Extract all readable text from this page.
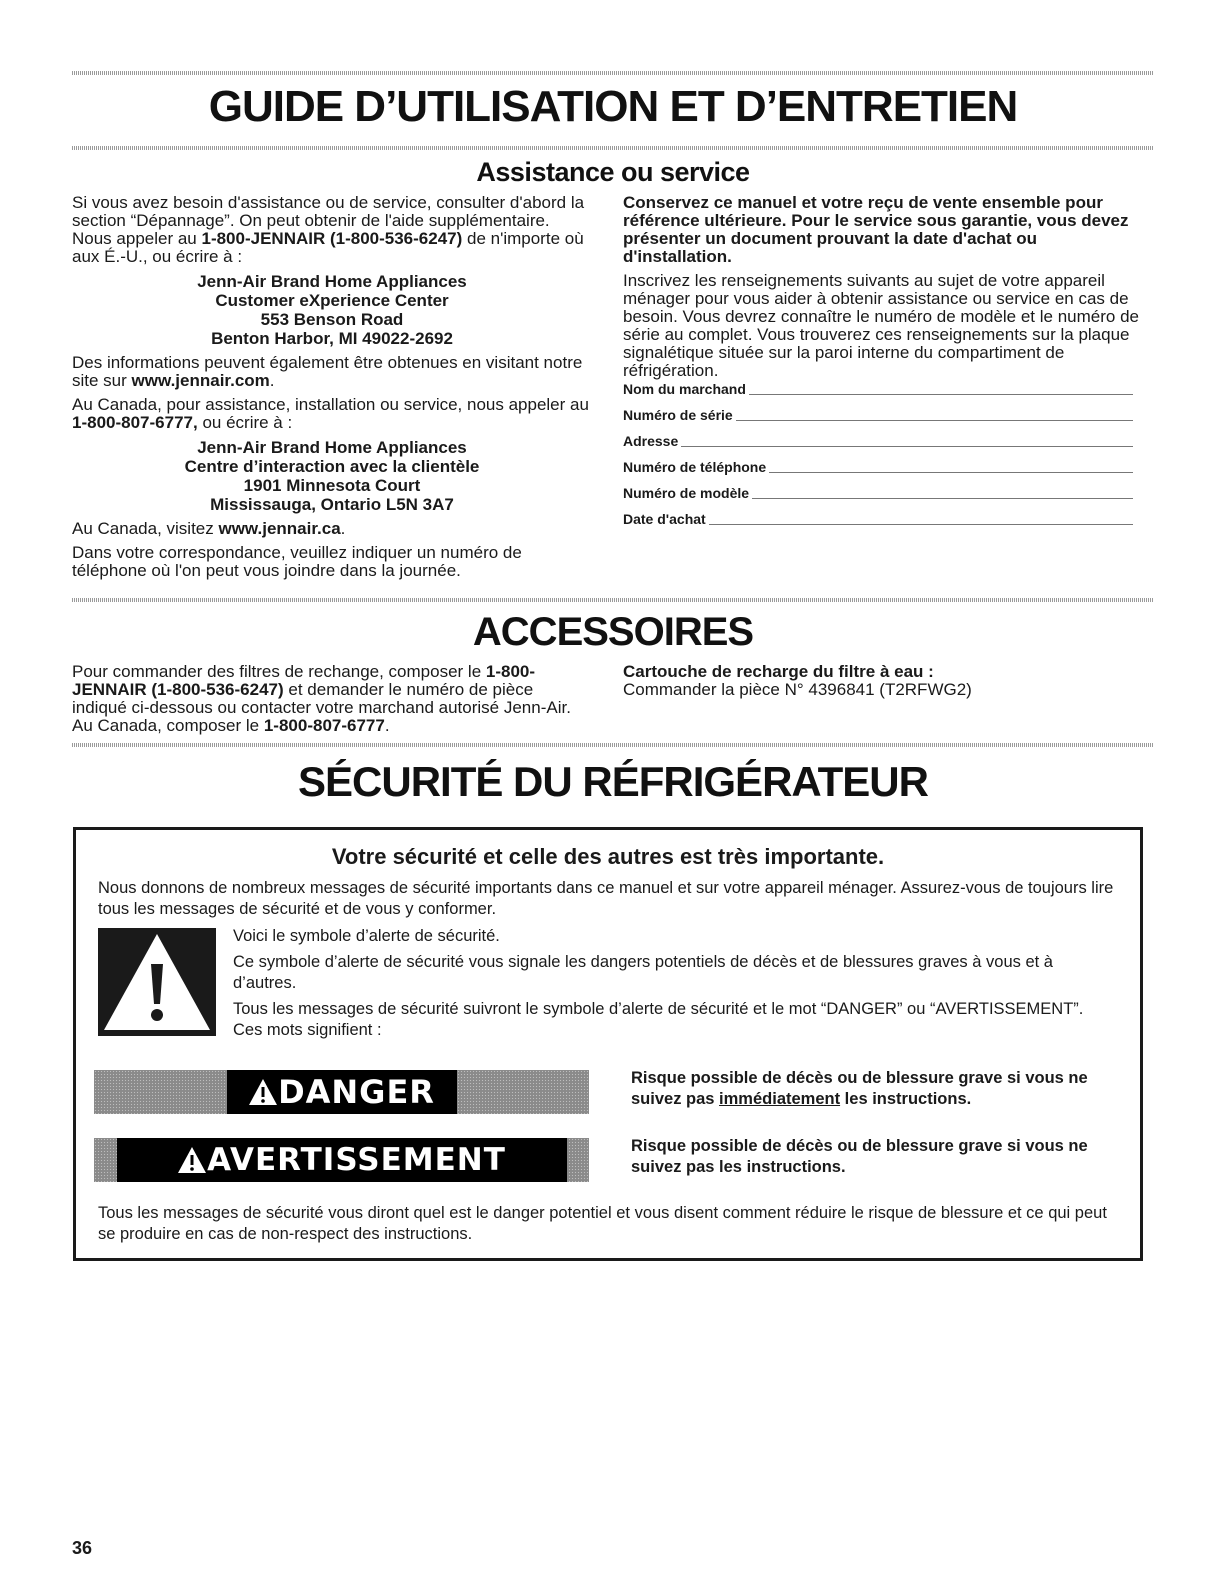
GUIDE D’UTILISATION ET D’ENTRETIEN
Assistance ou service

Si vous avez besoin d'assistance ou de service, consulter d'abord la section “Dépannage”. On peut obtenir de l'aide supplémentaire. Nous appeler au 1-800-JENNAIR (1-800-536-6247) de n'importe où aux É.-U., ou écrire à :

Jenn-Air Brand Home Appliances
Customer eXperience Center
553 Benson Road
Benton Harbor, MI 49022-2692

Des informations peuvent également être obtenues en visitant notre site sur www.jennair.com.

Au Canada, pour assistance, installation ou service, nous appeler au 1-800-807-6777, ou écrire à :

Jenn-Air Brand Home Appliances
Centre d’interaction avec la clientèle
1901 Minnesota Court
Mississauga, Ontario L5N 3A7

Au Canada, visitez www.jennair.ca.

Dans votre correspondance, veuillez indiquer un numéro de téléphone où l'on peut vous joindre dans la journée.

Conservez ce manuel et votre reçu de vente ensemble pour référence ultérieure. Pour le service sous garantie, vous devez présenter un document prouvant la date d'achat ou d'installation.

Inscrivez les renseignements suivants au sujet de votre appareil ménager pour vous aider à obtenir assistance ou service en cas de besoin. Vous devrez connaître le numéro de modèle et le numéro de série au complet. Vous trouverez ces renseignements sur la plaque signalétique située sur la paroi interne du compartiment de réfrigération.

Nom du marchand
Numéro de série
Adresse
Numéro de téléphone
Numéro de modèle
Date d'achat
ACCESSOIRES

Pour commander des filtres de rechange, composer le 1-800-JENNAIR (1-800-536-6247) et demander le numéro de pièce indiqué ci-dessous ou contacter votre marchand autorisé Jenn-Air. Au Canada, composer le 1-800-807-6777.

Cartouche de recharge du filtre à eau :
Commander la pièce N° 4396841 (T2RFWG2)
SÉCURITÉ DU RÉFRIGÉRATEUR
Votre sécurité et celle des autres est très importante.
Nous donnons de nombreux messages de sécurité importants dans ce manuel et sur votre appareil ménager. Assurez-vous de toujours lire tous les messages de sécurité et de vous y conformer.

Voici le symbole d’alerte de sécurité.

Ce symbole d’alerte de sécurité vous signale les dangers potentiels de décès et de blessures graves à vous et à d’autres.

Tous les messages de sécurité suivront le symbole d’alerte de sécurité et le mot “DANGER” ou “AVERTISSEMENT”. Ces mots signifient :

DANGER	Risque possible de décès ou de blessure grave si vous ne suivez pas immédiatement les instructions.
AVERTISSEMENT	Risque possible de décès ou de blessure grave si vous ne suivez pas les instructions.
Tous les messages de sécurité vous diront quel est le danger potentiel et vous disent comment réduire le risque de blessure et ce qui peut se produire en cas de non-respect des instructions.
36
